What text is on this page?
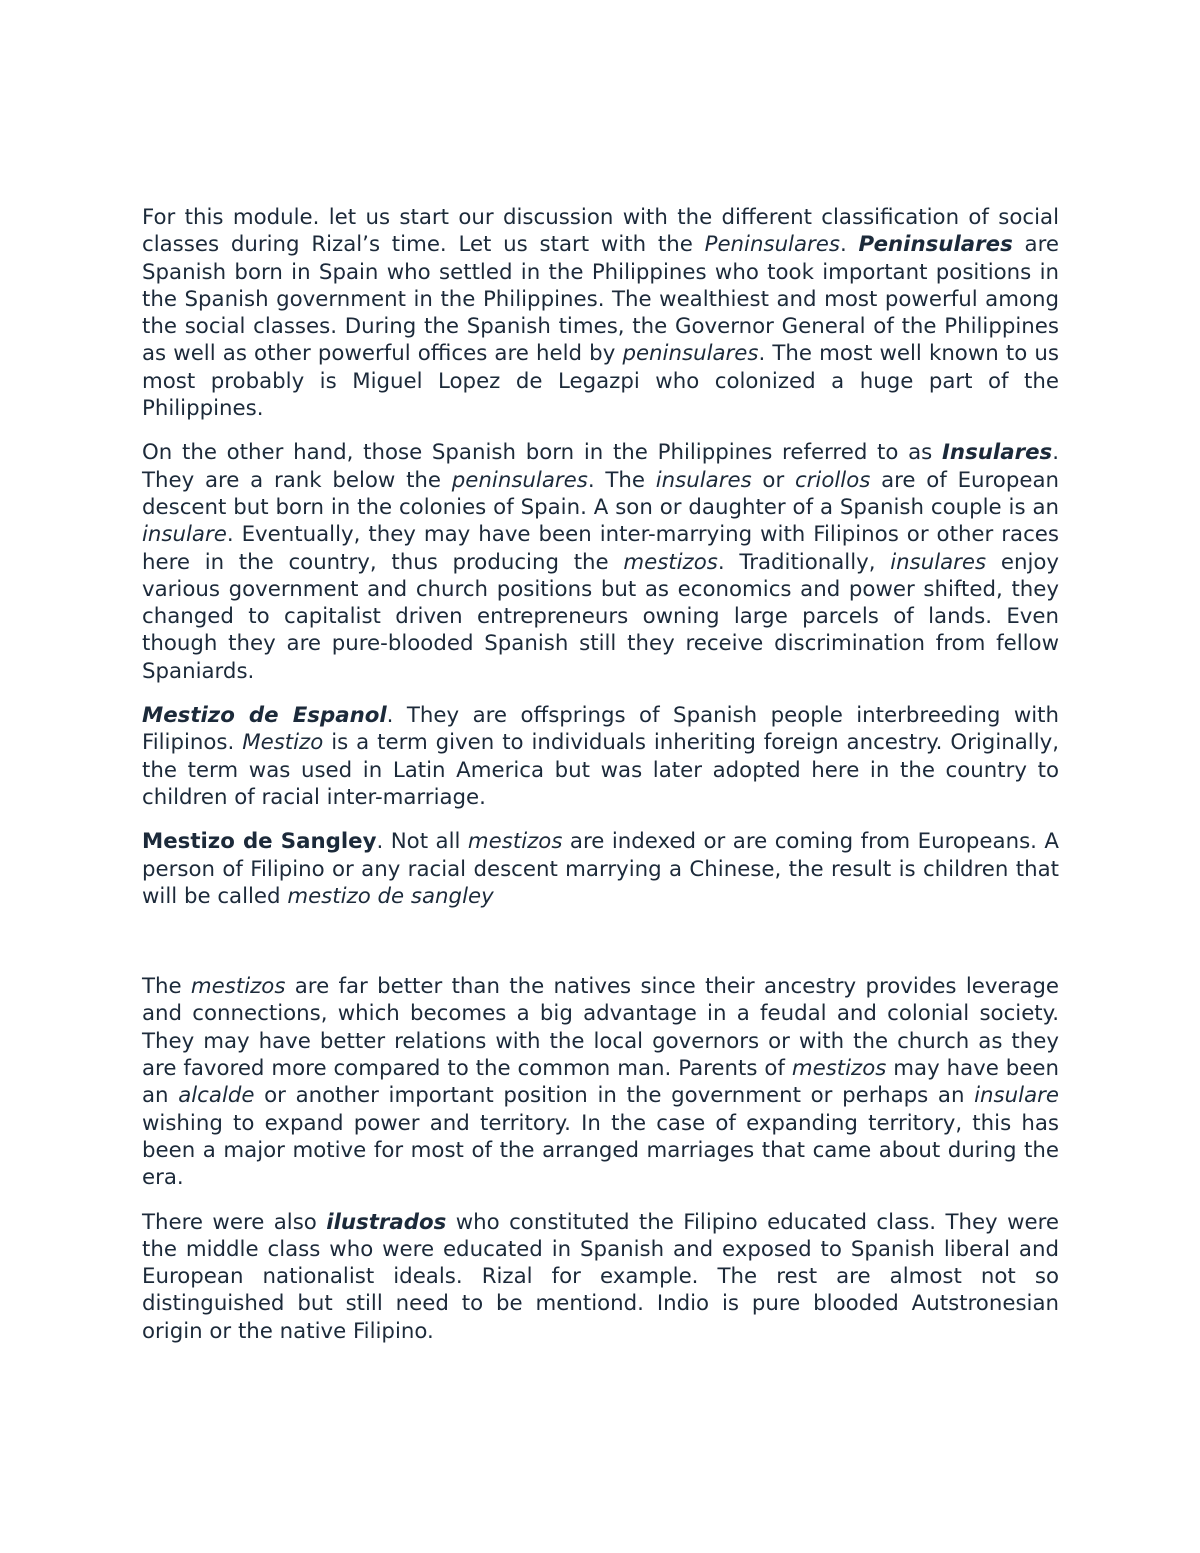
For this module. let us start our discussion with the different classification of social classes during Rizal’s time. Let us start with the Peninsulares. Peninsulares are Spanish born in Spain who settled in the Philippines who took important positions in the Spanish government in the Philippines. The wealthiest and most powerful among the social classes. During the Spanish times, the Governor General of the Philippines as well as other powerful offices are held by peninsulares. The most well known to us most probably is Miguel Lopez de Legazpi who colonized a huge part of the Philippines.

On the other hand, those Spanish born in the Philippines referred to as Insulares. They are a rank below the peninsulares. The insulares or criollos are of European descent but born in the colonies of Spain. A son or daughter of a Spanish couple is an insulare. Eventually, they may have been inter-marrying with Filipinos or other races here in the country, thus producing the mestizos. Traditionally, insulares enjoy various government and church positions but as economics and power shifted, they changed to capitalist driven entrepreneurs owning large parcels of lands. Even though they are pure-blooded Spanish still they receive discrimination from fellow Spaniards.

Mestizo de Espanol. They are offsprings of Spanish people interbreeding with Filipinos. Mestizo is a term given to individuals inheriting foreign ancestry. Originally, the term was used in Latin America but was later adopted here in the country to children of racial inter-marriage.

Mestizo de Sangley. Not all mestizos are indexed or are coming from Europeans. A person of Filipino or any racial descent marrying a Chinese, the result is children that will be called mestizo de sangley

The mestizos are far better than the natives since their ancestry provides leverage and connections, which becomes a big advantage in a feudal and colonial society. They may have better relations with the local governors or with the church as they are favored more compared to the common man. Parents of mestizos may have been an alcalde or another important position in the government or perhaps an insulare wishing to expand power and territory. In the case of expanding territory, this has been a major motive for most of the arranged marriages that came about during the era.

There were also ilustrados who constituted the Filipino educated class. They were the middle class who were educated in Spanish and exposed to Spanish liberal and European nationalist ideals. Rizal for example. The rest are almost not so distinguished but still need to be mentiond. Indio is pure blooded Autstronesian origin or the native Filipino.
